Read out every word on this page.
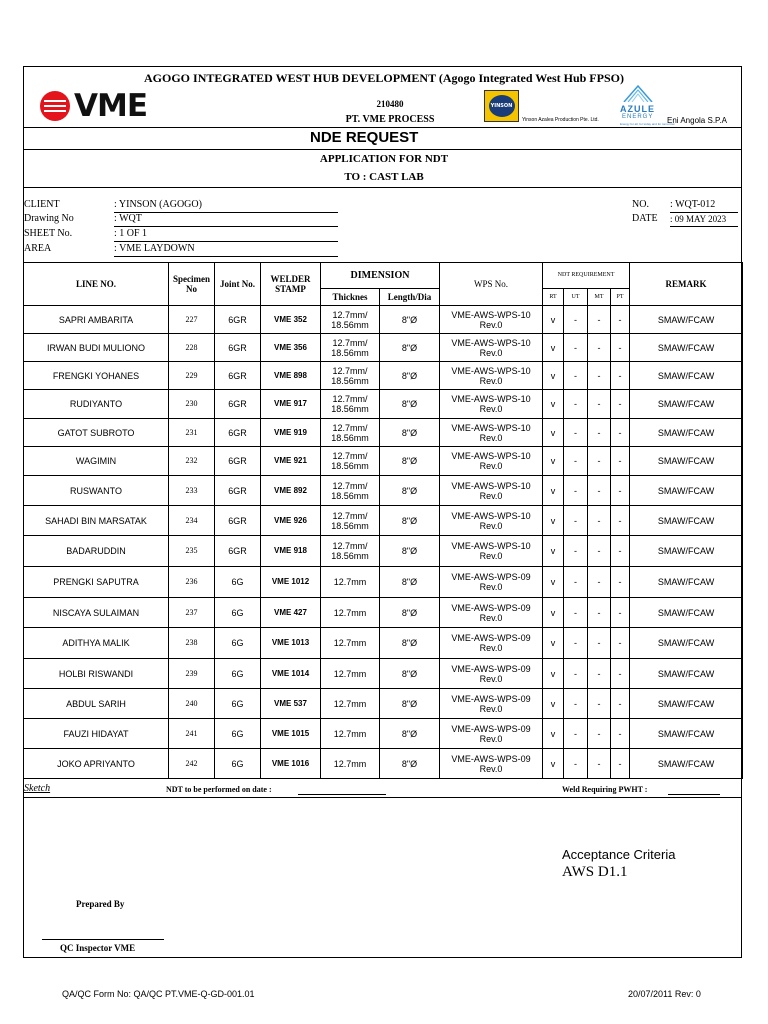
VME
AGOGO INTEGRATED WEST HUB DEVELOPMENT (Agogo Integrated West Hub FPSO)
210480
PT. VME PROCESS
YINSON
Yinson Azalea Production Pte. Ltd.
AZULE
ENERGY
Energy for all, for today and for tomorrow
Eni Angola S.P.A
NDE REQUEST
APPLICATION FOR NDT
TO : CAST LAB
CLIENT	: YINSON (AGOGO)
Drawing No	: WQT
SHEET No.	: 1 OF 1
AREA	: VME LAYDOWN
NO. : WQT-012
DATE : 09 MAY 2023
LINE NO.	Specimen No	Joint No.	WELDER STAMP	DIMENSION		WPS No.	NDT REQUIREMENT				REMARK
				Thicknes	Length/Dia		RT	UT	MT	PT	
SAPRI AMBARITA	227	6GR	VME 352	12.7mm/ 18.56mm	8"Ø	VME-AWS-WPS-10 Rev.0	v	-	-	-	SMAW/FCAW
IRWAN BUDI MULIONO	228	6GR	VME 356	12.7mm/ 18.56mm	8"Ø	VME-AWS-WPS-10 Rev.0	v	-	-	-	SMAW/FCAW
FRENGKI YOHANES	229	6GR	VME 898	12.7mm/ 18.56mm	8"Ø	VME-AWS-WPS-10 Rev.0	v	-	-	-	SMAW/FCAW
RUDIYANTO	230	6GR	VME 917	12.7mm/ 18.56mm	8"Ø	VME-AWS-WPS-10 Rev.0	v	-	-	-	SMAW/FCAW
GATOT SUBROTO	231	6GR	VME 919	12.7mm/ 18.56mm	8"Ø	VME-AWS-WPS-10 Rev.0	v	-	-	-	SMAW/FCAW
WAGIMIN	232	6GR	VME 921	12.7mm/ 18.56mm	8"Ø	VME-AWS-WPS-10 Rev.0	v	-	-	-	SMAW/FCAW
RUSWANTO	233	6GR	VME 892	12.7mm/ 18.56mm	8"Ø	VME-AWS-WPS-10 Rev.0	v	-	-	-	SMAW/FCAW
SAHADI BIN MARSATAK	234	6GR	VME 926	12.7mm/ 18.56mm	8"Ø	VME-AWS-WPS-10 Rev.0	v	-	-	-	SMAW/FCAW
BADARUDDIN	235	6GR	VME 918	12.7mm/ 18.56mm	8"Ø	VME-AWS-WPS-10 Rev.0	v	-	-	-	SMAW/FCAW
PRENGKI SAPUTRA	236	6G	VME 1012	12.7mm	8"Ø	VME-AWS-WPS-09 Rev.0	v	-	-	-	SMAW/FCAW
NISCAYA SULAIMAN	237	6G	VME 427	12.7mm	8"Ø	VME-AWS-WPS-09 Rev.0	v	-	-	-	SMAW/FCAW
ADITHYA MALIK	238	6G	VME 1013	12.7mm	8"Ø	VME-AWS-WPS-09 Rev.0	v	-	-	-	SMAW/FCAW
HOLBI RISWANDI	239	6G	VME 1014	12.7mm	8"Ø	VME-AWS-WPS-09 Rev.0	v	-	-	-	SMAW/FCAW
ABDUL SARIH	240	6G	VME 537	12.7mm	8"Ø	VME-AWS-WPS-09 Rev.0	v	-	-	-	SMAW/FCAW
FAUZI HIDAYAT	241	6G	VME 1015	12.7mm	8"Ø	VME-AWS-WPS-09 Rev.0	v	-	-	-	SMAW/FCAW
JOKO APRIYANTO	242	6G	VME 1016	12.7mm	8"Ø	VME-AWS-WPS-09 Rev.0	v	-	-	-	SMAW/FCAW
Sketch	NDT to be performed on date :	Weld Requiring PWHT :
Acceptance Criteria
AWS D1.1
Prepared By
QC Inspector VME
QA/QC Form No: QA/QC PT.VME-Q-GD-001.01	20/07/2011 Rev: 0
